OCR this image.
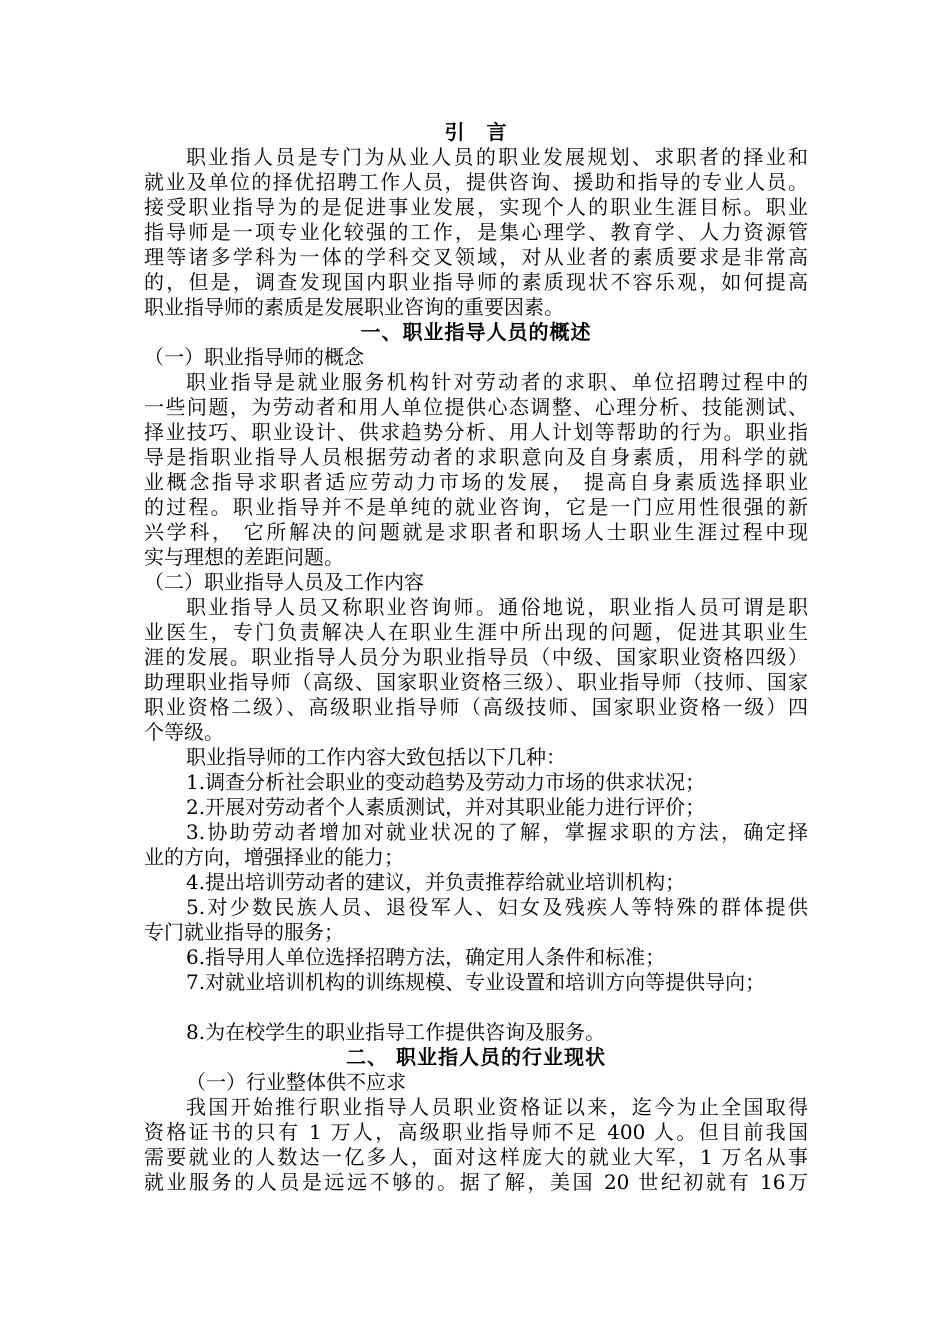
引　言
职业指人员是专门为从业人员的职业发展规划、求职者的择业和
就业及单位的择优招聘工作人员，提供咨询、援助和指导的专业人员。
接受职业指导为的是促进事业发展，实现个人的职业生涯目标。职业
指导师是一项专业化较强的工作，是集心理学、教育学、人力资源管
理等诸多学科为一体的学科交叉领域，对从业者的素质要求是非常高
的，但是，调查发现国内职业指导师的素质现状不容乐观，如何提高
职业指导师的素质是发展职业咨询的重要因素。
一、职业指导人员的概述
（一）职业指导师的概念
职业指导是就业服务机构针对劳动者的求职、单位招聘过程中的
一些问题，为劳动者和用人单位提供心态调整、心理分析、技能测试、
择业技巧、职业设计、供求趋势分析、用人计划等帮助的行为。职业指
导是指职业指导人员根据劳动者的求职意向及自身素质，用科学的就
业概念指导求职者适应劳动力市场的发展， 提高自身素质选择职业
的过程。职业指导并不是单纯的就业咨询，它是一门应用性很强的新
兴学科， 它所解决的问题就是求职者和职场人士职业生涯过程中现
实与理想的差距问题。
（二）职业指导人员及工作内容
职业指导人员又称职业咨询师。通俗地说，职业指人员可谓是职
业医生，专门负责解决人在职业生涯中所出现的问题，促进其职业生
涯的发展。职业指导人员分为职业指导员（中级、国家职业资格四级）
助理职业指导师（高级、国家职业资格三级）、职业指导师（技师、国家
职业资格二级）、高级职业指导师（高级技师、国家职业资格一级）四
个等级。
职业指导师的工作内容大致包括以下几种：
1.调查分析社会职业的变动趋势及劳动力市场的供求状况；
2.开展对劳动者个人素质测试，并对其职业能力进行评价；
3.协助劳动者增加对就业状况的了解，掌握求职的方法，确定择
业的方向，增强择业的能力；
4.提出培训劳动者的建议，并负责推荐给就业培训机构；
5.对少数民族人员、退役军人、妇女及残疾人等特殊的群体提供
专门就业指导的服务；
6.指导用人单位选择招聘方法，确定用人条件和标准；
7.对就业培训机构的训练规模、专业设置和培训方向等提供导向；
8.为在校学生的职业指导工作提供咨询及服务。
二、 职业指人员的行业现状
（一）行业整体供不应求
我国开始推行职业指导人员职业资格证以来，迄今为止全国取得
资格证书的只有 1 万人，高级职业指导师不足 400 人。但目前我国
需要就业的人数达一亿多人，面对这样庞大的就业大军，1 万名从事
就业服务的人员是远远不够的。据了解，美国 20 世纪初就有 16万
